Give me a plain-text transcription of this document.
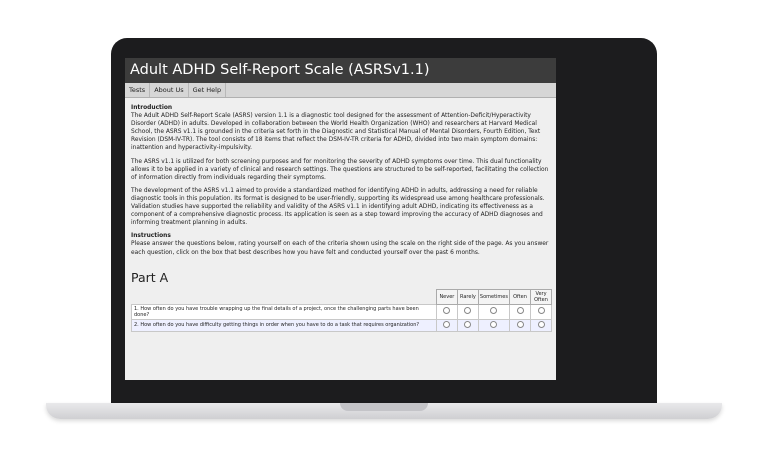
Adult ADHD Self-Report Scale (ASRSv1.1)
Tests	About Us	Get Help
Introduction

The Adult ADHD Self-Report Scale (ASRS) version 1.1 is a diagnostic tool designed for the assessment of Attention-Deficit/Hyperactivity Disorder (ADHD) in adults. Developed in collaboration between the World Health Organization (WHO) and researchers at Harvard Medical School, the ASRS v1.1 is grounded in the criteria set forth in the Diagnostic and Statistical Manual of Mental Disorders, Fourth Edition, Text Revision (DSM-IV-TR). The tool consists of 18 items that reflect the DSM-IV-TR criteria for ADHD, divided into two main symptom domains: inattention and hyperactivity-impulsivity.

The ASRS v1.1 is utilized for both screening purposes and for monitoring the severity of ADHD symptoms over time. This dual functionality allows it to be applied in a variety of clinical and research settings. The questions are structured to be self-reported, facilitating the collection of information directly from individuals regarding their symptoms.

The development of the ASRS v1.1 aimed to provide a standardized method for identifying ADHD in adults, addressing a need for reliable diagnostic tools in this population. Its format is designed to be user-friendly, supporting its widespread use among healthcare professionals. Validation studies have supported the reliability and validity of the ASRS v1.1 in identifying adult ADHD, indicating its effectiveness as a component of a comprehensive diagnostic process. Its application is seen as a step toward improving the accuracy of ADHD diagnoses and informing treatment planning in adults.

Instructions

Please answer the questions below, rating yourself on each of the criteria shown using the scale on the right side of the page. As you answer each question, click on the box that best describes how you have felt and conducted yourself over the past 6 months.

Part A
	Never	Rarely	Sometimes	Often	Very Often
1. How often do you have trouble wrapping up the final details of a project, once the challenging parts have been done?					
2. How often do you have difficulty getting things in order when you have to do a task that requires organization?					
